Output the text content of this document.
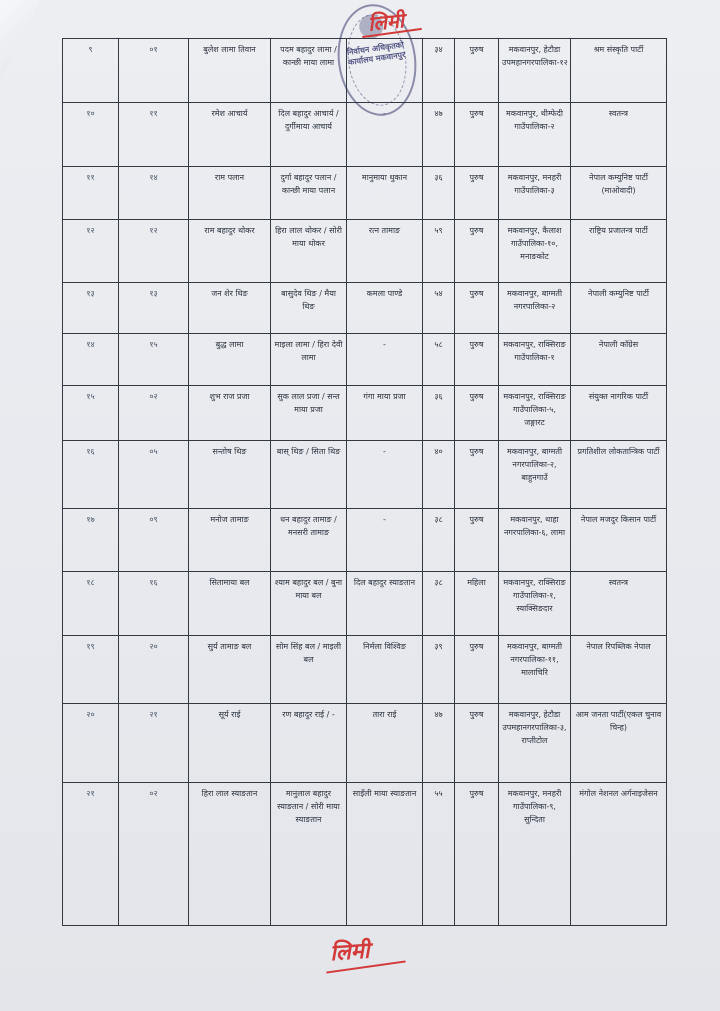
निर्वाचन अधिकृतको कार्यालय मकवानपुर
लिमी
९	०१	बुलेश लामा तिवान	पदम बहादुर लामा / कान्छी माया लामा		३४	पुरुष	मकवानपुर, हेटौडा उपमहानगरपालिका-१२	श्रम संस्कृति पार्टी
१०	११	रमेश आचार्य	दिल बहादुर आचार्य / दुर्गीमाया आचार्य	-	४७	पुरुष	मकवानपुर, थीम्फेदी गाउँपालिका-२	स्वतन्त्र
११	१४	राम पलान	दुर्गा बहादुर पलान / कान्छी माया पलान	मानुमाया थुकान	३६	पुरुष	मकवानपुर, मनहरी गाउँपालिका-३	नेपाल कम्युनिष्ट पार्टी (माओवादी)
१२	१२	राम बहादुर थोकर	हिरा लाल थोकर / सोरी माया थोकर	रत्न तामाङ	५९	पुरुष	मकवानपुर, कैलाश गाउँपालिका-१०, मनाङकोट	राष्ट्रिय प्रजातन्त्र पार्टी
१३	१३	जन शेर थिङ	बासुदेव थिङ / मैया थिङ	कमला पाण्डे	५४	पुरुष	मकवानपुर, बाग्मती नगरपालिका-२	नेपाली कम्युनिष्ट पार्टी
१४	१५	बुद्ध लामा	माइला लामा / हिरा देवी लामा	-	५८	पुरुष	मकवानपुर, राक्सिराङ गाउँपालिका-१	नेपाली काँग्रेस
१५	०२	शुभ राज प्रजा	सुक लाल प्रजा / सन्त माया प्रजा	गंगा माया प्रजा	३६	पुरुष	मकवानपुर, राक्सिराङ गाउँपालिका-५, जङ्गारट	संयुक्त नागरिक पार्टी
१६	०५	सन्तोष थिङ	बास् थिङ / सिता थिङ	-	४०	पुरुष	मकवानपुर, बाग्मती नगरपालिका-२, बाहुनगाउँ	प्रगतिशील लोकतान्त्रिक पार्टी
१७	०९	मनोज तामाङ	धन बहादुर तामाङ / मनसरी तामाङ	-	३८	पुरुष	मकवानपुर, थाहा नगरपालिका-६, लामा	नेपाल मजदुर किसान पार्टी
१८	१६	सितामाया बल	श्याम बहादुर बल / बुना माया बल	दिल बहादुर स्याङतान	३८	महिला	मकवानपुर, राक्सिराङ गाउँपालिका-१, स्याक्सिङदार	स्वतन्त्र
१९	२०	सुर्य तामाङ बल	सोम सिंह बल / माइली बल	निर्मला विश्विङ	३९	पुरुष	मकवानपुर, बाग्मती नगरपालिका-११, मालाचिरि	नेपाल रिपब्लिक नेपाल
२०	२१	सूर्य राई	रण बहादुर राई / -	तारा राई	४७	पुरुष	मकवानपुर, हेटौडा उपमहानगरपालिका-३, राप्तीटोल	आम जनता पार्टी(एकल चुनाव चिन्ह)
२१	०२	हिरा लाल स्याङतान	मानुलाल बहादुर स्याङतान / सोरी माया स्याङतान	साइँली माया स्याङतान	५५	पुरुष	मकवानपुर, मनहरी गाउँपालिका-९, सुन्दिता	मंगोल नेशनल अर्गनाइजेसन
लिमी
